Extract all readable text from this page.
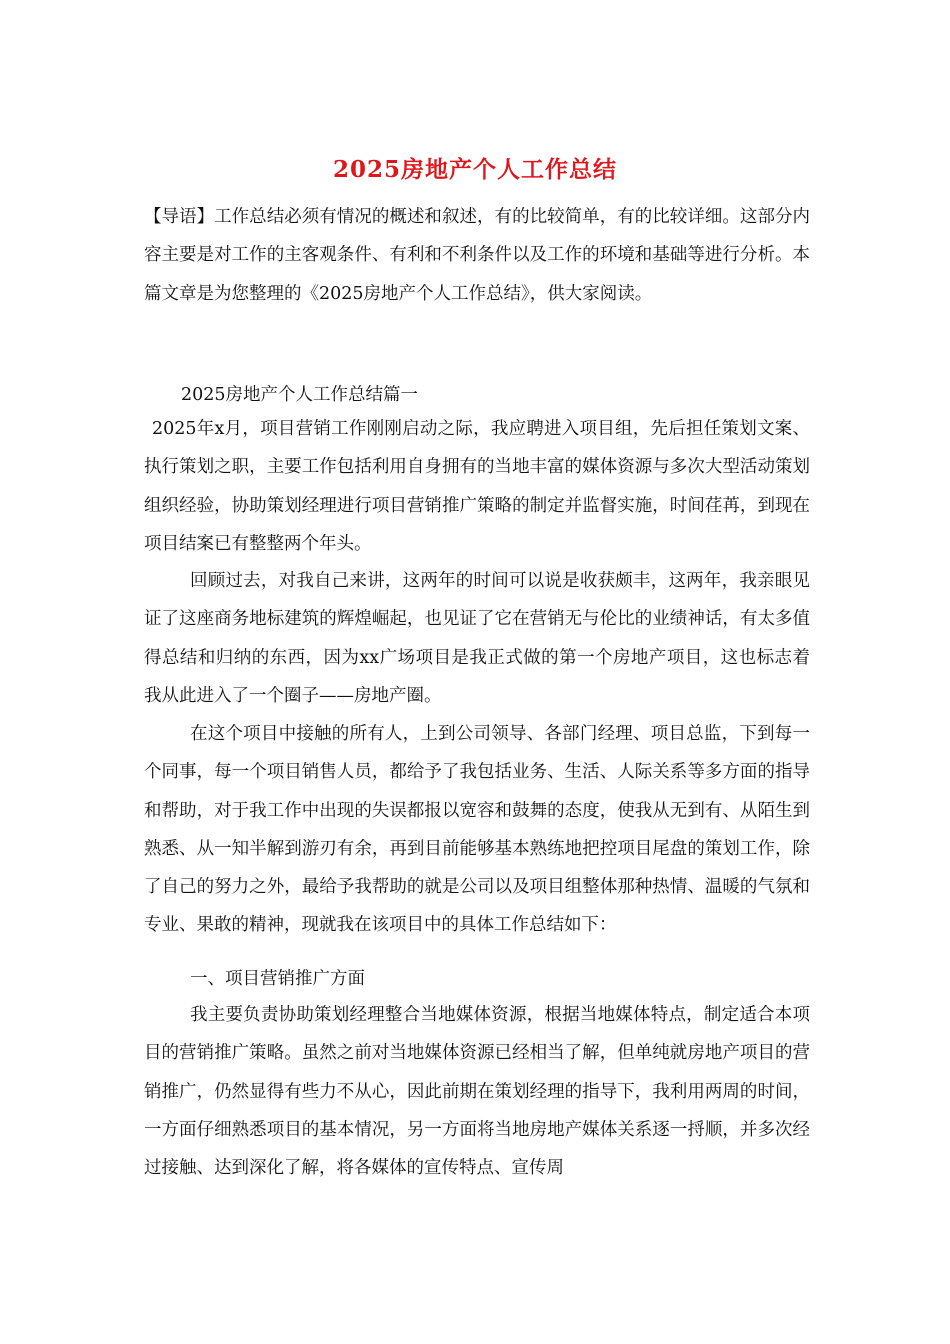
2025房地产个人工作总结

【导语】工作总结必须有情况的概述和叙述，有的比较简单，有的比较详细。这部分内容主要是对工作的主客观条件、有利和不利条件以及工作的环境和基础等进行分析。本篇文章是为您整理的《2025房地产个人工作总结》，供大家阅读。

2025房地产个人工作总结篇一

2025年x月，项目营销工作刚刚启动之际，我应聘进入项目组，先后担任策划文案、执行策划之职，主要工作包括利用自身拥有的当地丰富的媒体资源与多次大型活动策划组织经验，协助策划经理进行项目营销推广策略的制定并监督实施，时间荏苒，到现在项目结案已有整整两个年头。

回顾过去，对我自己来讲，这两年的时间可以说是收获颇丰，这两年，我亲眼见证了这座商务地标建筑的辉煌崛起，也见证了它在营销无与伦比的业绩神话，有太多值得总结和归纳的东西，因为xx广场项目是我正式做的第一个房地产项目，这也标志着我从此进入了一个圈子——房地产圈。

在这个项目中接触的所有人，上到公司领导、各部门经理、项目总监，下到每一个同事，每一个项目销售人员，都给予了我包括业务、生活、人际关系等多方面的指导和帮助，对于我工作中出现的失误都报以宽容和鼓舞的态度，使我从无到有、从陌生到熟悉、从一知半解到游刃有余，再到目前能够基本熟练地把控项目尾盘的策划工作，除了自己的努力之外，最给予我帮助的就是公司以及项目组整体那种热情、温暖的气氛和专业、果敢的精神，现就我在该项目中的具体工作总结如下：

一、项目营销推广方面

我主要负责协助策划经理整合当地媒体资源，根据当地媒体特点，制定适合本项目的营销推广策略。虽然之前对当地媒体资源已经相当了解，但单纯就房地产项目的营销推广，仍然显得有些力不从心，因此前期在策划经理的指导下，我利用两周的时间，一方面仔细熟悉项目的基本情况，另一方面将当地房地产媒体关系逐一捋顺，并多次经过接触、达到深化了解，将各媒体的宣传特点、宣传周
